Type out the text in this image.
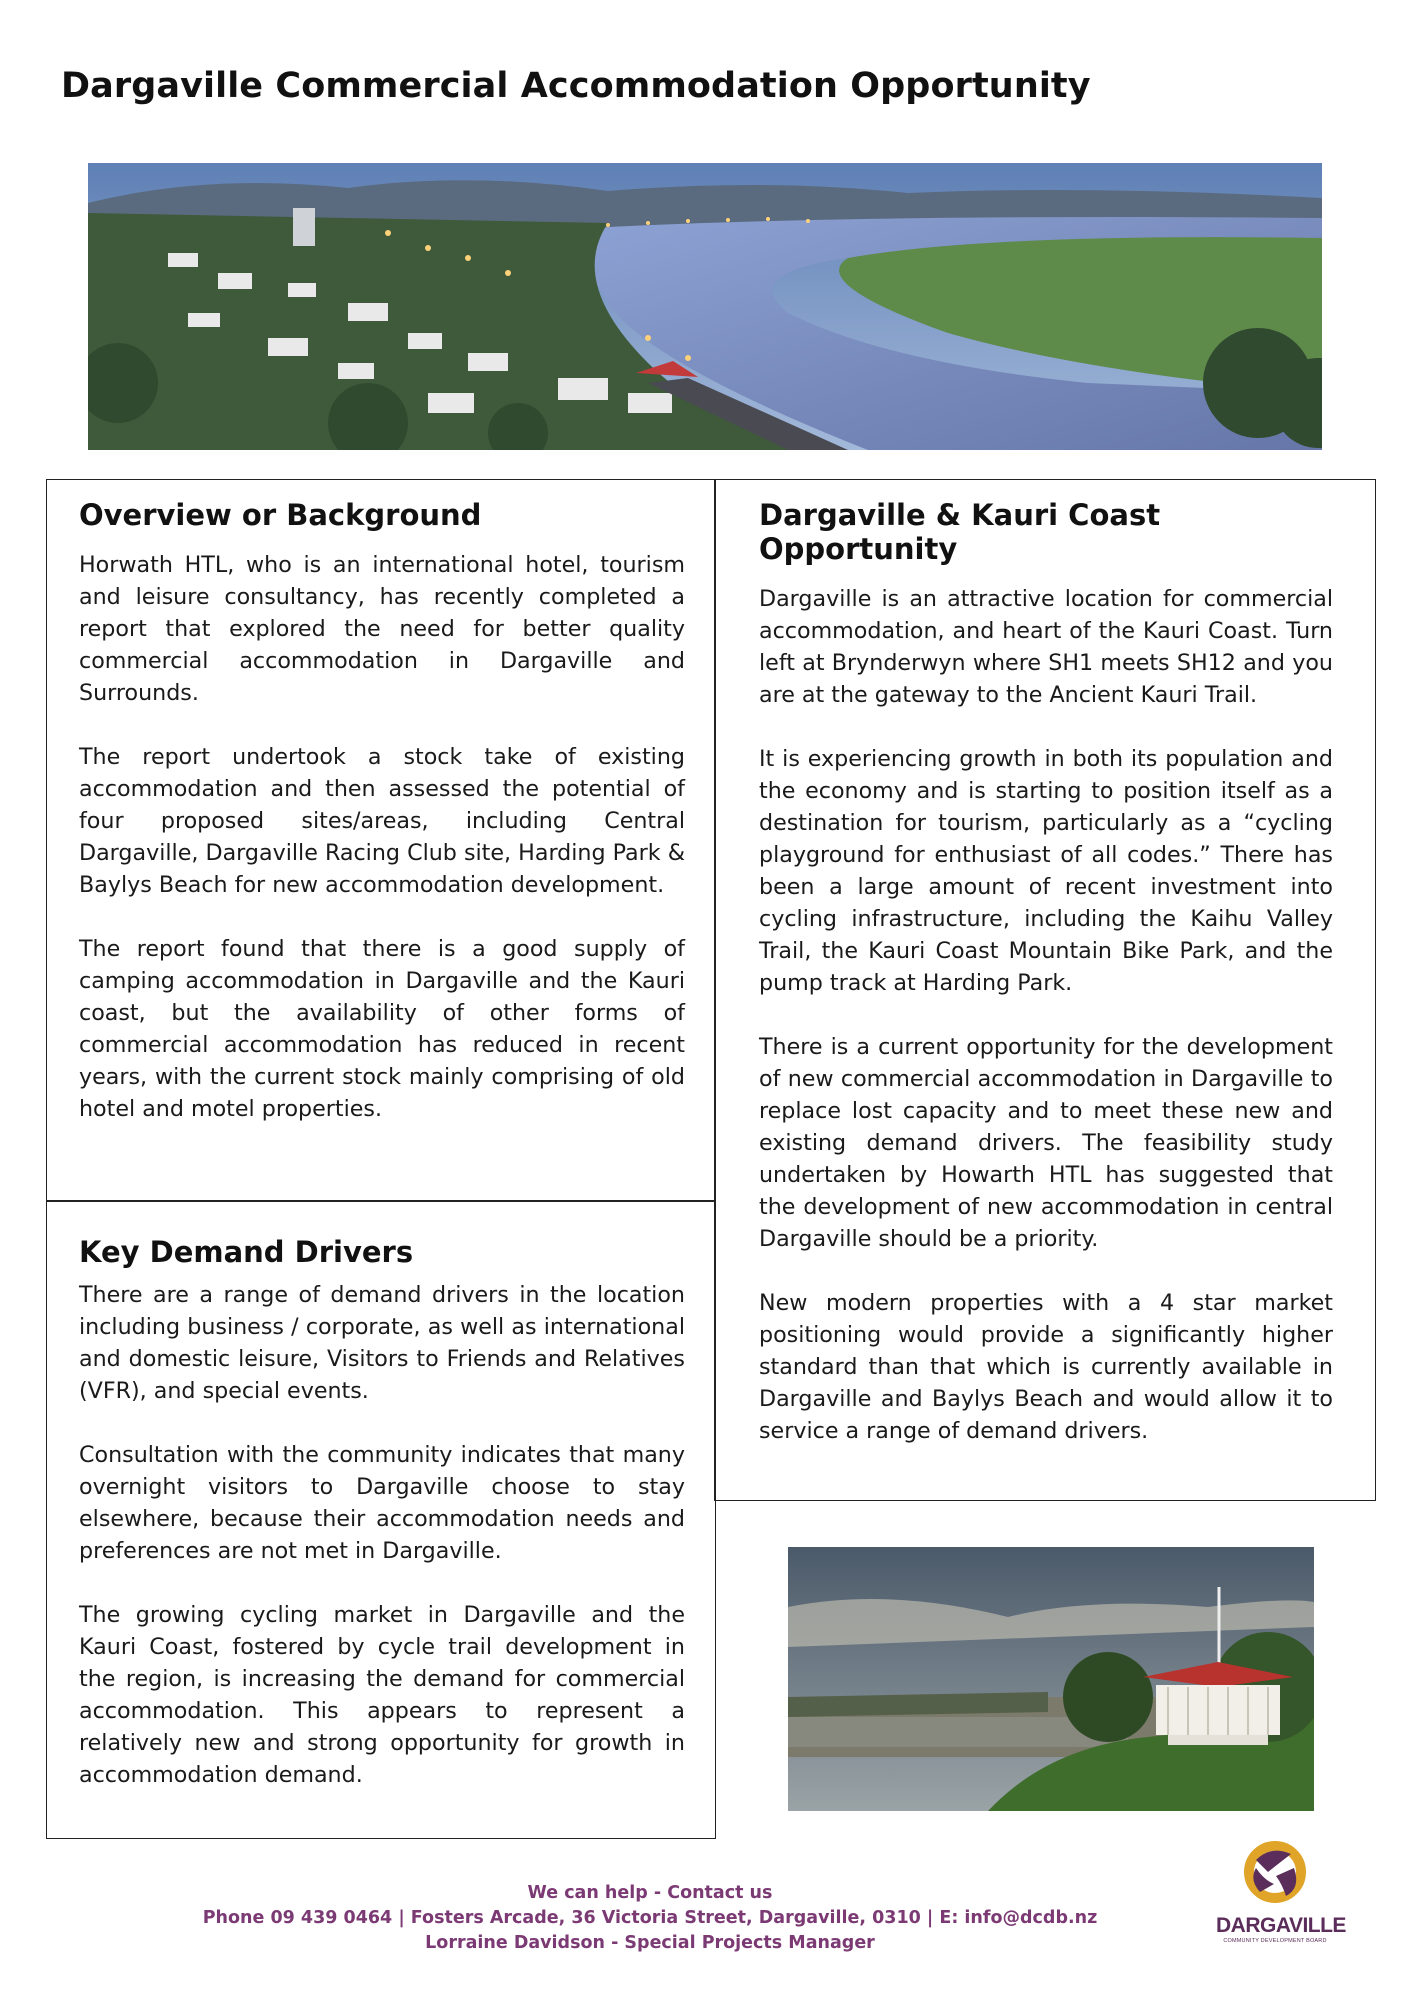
Dargaville Commercial Accommodation Opportunity
Overview or Background

Horwath HTL, who is an international hotel, tourism and leisure consultancy, has recently completed a report that explored the need for better quality commercial accommodation in Dargaville and Surrounds.

The report undertook a stock take of existing accommodation and then assessed the potential of four proposed sites/areas, including Central Dargaville, Dargaville Racing Club site, Harding Park & Baylys Beach for new accommodation development.

The report found that there is a good supply of camping accommodation in Dargaville and the Kauri coast, but the availability of other forms of commercial accommodation has reduced in recent years, with the current stock mainly comprising of old hotel and motel properties.

Key Demand Drivers

There are a range of demand drivers in the location including business / corporate, as well as international and domestic leisure, Visitors to Friends and Relatives (VFR), and special events.

Consultation with the community indicates that many overnight visitors to Dargaville choose to stay elsewhere, because their accommodation needs and preferences are not met in Dargaville.

The growing cycling market in Dargaville and the Kauri Coast, fostered by cycle trail development in the region, is increasing the demand for commercial accommodation. This appears to represent a relatively new and strong opportunity for growth in accommodation demand.

Dargaville & Kauri Coast Opportunity

Dargaville is an attractive location for commercial accommodation, and heart of the Kauri Coast. Turn left at Brynderwyn where SH1 meets SH12 and you are at the gateway to the Ancient Kauri Trail.

It is experiencing growth in both its population and the economy and is starting to position itself as a destination for tourism, particularly as a “cycling playground for enthusiast of all codes.” There has been a large amount of recent investment into cycling infrastructure, including the Kaihu Valley Trail, the Kauri Coast Mountain Bike Park, and the pump track at Harding Park.

There is a current opportunity for the development of new commercial accommodation in Dargaville to replace lost capacity and to meet these new and existing demand drivers. The feasibility study undertaken by Howarth HTL has suggested that the development of new accommodation in central Dargaville should be a priority.

New modern properties with a 4 star market positioning would provide a significantly higher standard than that which is currently available in Dargaville and Baylys Beach and would allow it to service a range of demand drivers.

We can help - Contact us
Phone 09 439 0464 | Fosters Arcade, 36 Victoria Street, Dargaville, 0310 | E: info@dcdb.nz
Lorraine Davidson - Special Projects Manager
DARGAVILLE
COMMUNITY DEVELOPMENT BOARD
